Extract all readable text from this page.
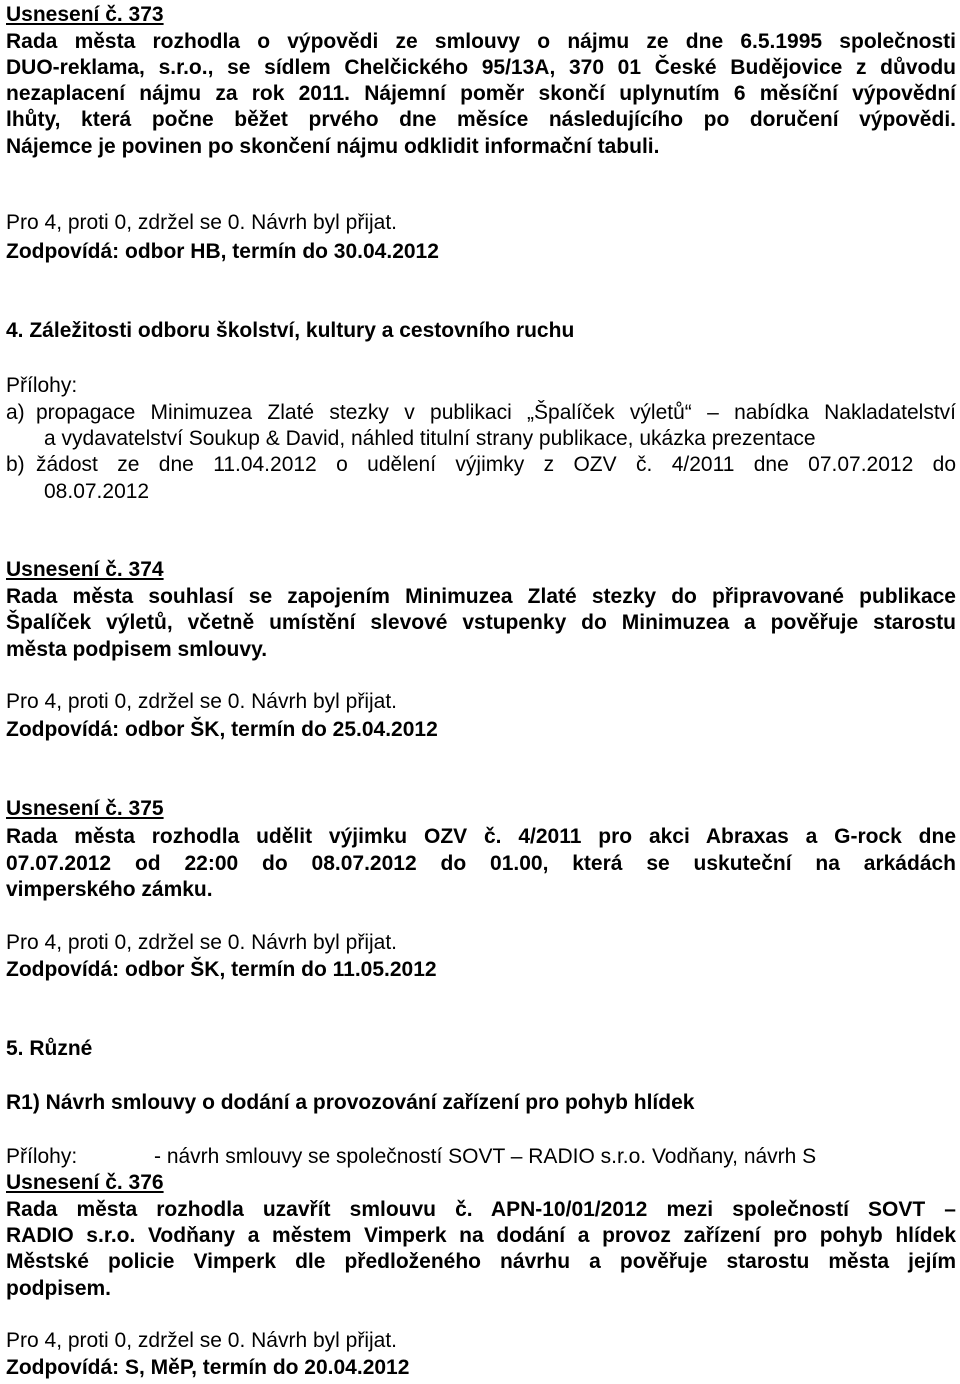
Usnesení č. 373
Rada města rozhodla o výpovědi ze smlouvy o nájmu ze dne 6.5.1995 společnosti
DUO-reklama, s.r.o., se sídlem Chelčického 95/13A, 370 01 České Budějovice z důvodu
nezaplacení nájmu za rok 2011. Nájemní poměr skončí uplynutím 6 měsíční výpovědní
lhůty, která počne běžet prvého dne měsíce následujícího po doručení výpovědi.
Nájemce je povinen po skončení nájmu odklidit informační tabuli.
Pro 4, proti 0, zdržel se 0. Návrh byl přijat.
Zodpovídá: odbor HB, termín do 30.04.2012
4. Záležitosti odboru školství, kultury a cestovního ruchu
Přílohy:
a) propagace Minimuzea Zlaté stezky v publikaci „Špalíček výletů“ – nabídka Nakladatelství
a vydavatelství Soukup & David, náhled titulní strany publikace, ukázka prezentace
b) žádost ze dne 11.04.2012 o udělení výjimky z OZV č. 4/2011 dne 07.07.2012 do
08.07.2012
Usnesení č. 374
Rada města souhlasí se zapojením Minimuzea Zlaté stezky do připravované publikace
Špalíček výletů, včetně umístění slevové vstupenky do Minimuzea a pověřuje starostu
města podpisem smlouvy.
Pro 4, proti 0, zdržel se 0. Návrh byl přijat.
Zodpovídá: odbor ŠK, termín do 25.04.2012
Usnesení č. 375
Rada města rozhodla udělit výjimku OZV č. 4/2011 pro akci Abraxas a G-rock dne
07.07.2012 od 22:00 do 08.07.2012 do 01.00, která se uskuteční na arkádách
vimperského zámku.
Pro 4, proti 0, zdržel se 0. Návrh byl přijat.
Zodpovídá: odbor ŠK, termín do 11.05.2012
5. Různé
R1) Návrh smlouvy o dodání a provozování zařízení pro pohyb hlídek
Přílohy:	- návrh smlouvy se společností SOVT – RADIO s.r.o. Vodňany, návrh S
Usnesení č. 376
Rada města rozhodla uzavřít smlouvu č. APN-10/01/2012 mezi společností SOVT –
RADIO s.r.o. Vodňany a městem Vimperk na dodání a provoz zařízení pro pohyb hlídek
Městské policie Vimperk dle předloženého návrhu a pověřuje starostu města jejím
podpisem.
Pro 4, proti 0, zdržel se 0. Návrh byl přijat.
Zodpovídá: S, MěP, termín do 20.04.2012
